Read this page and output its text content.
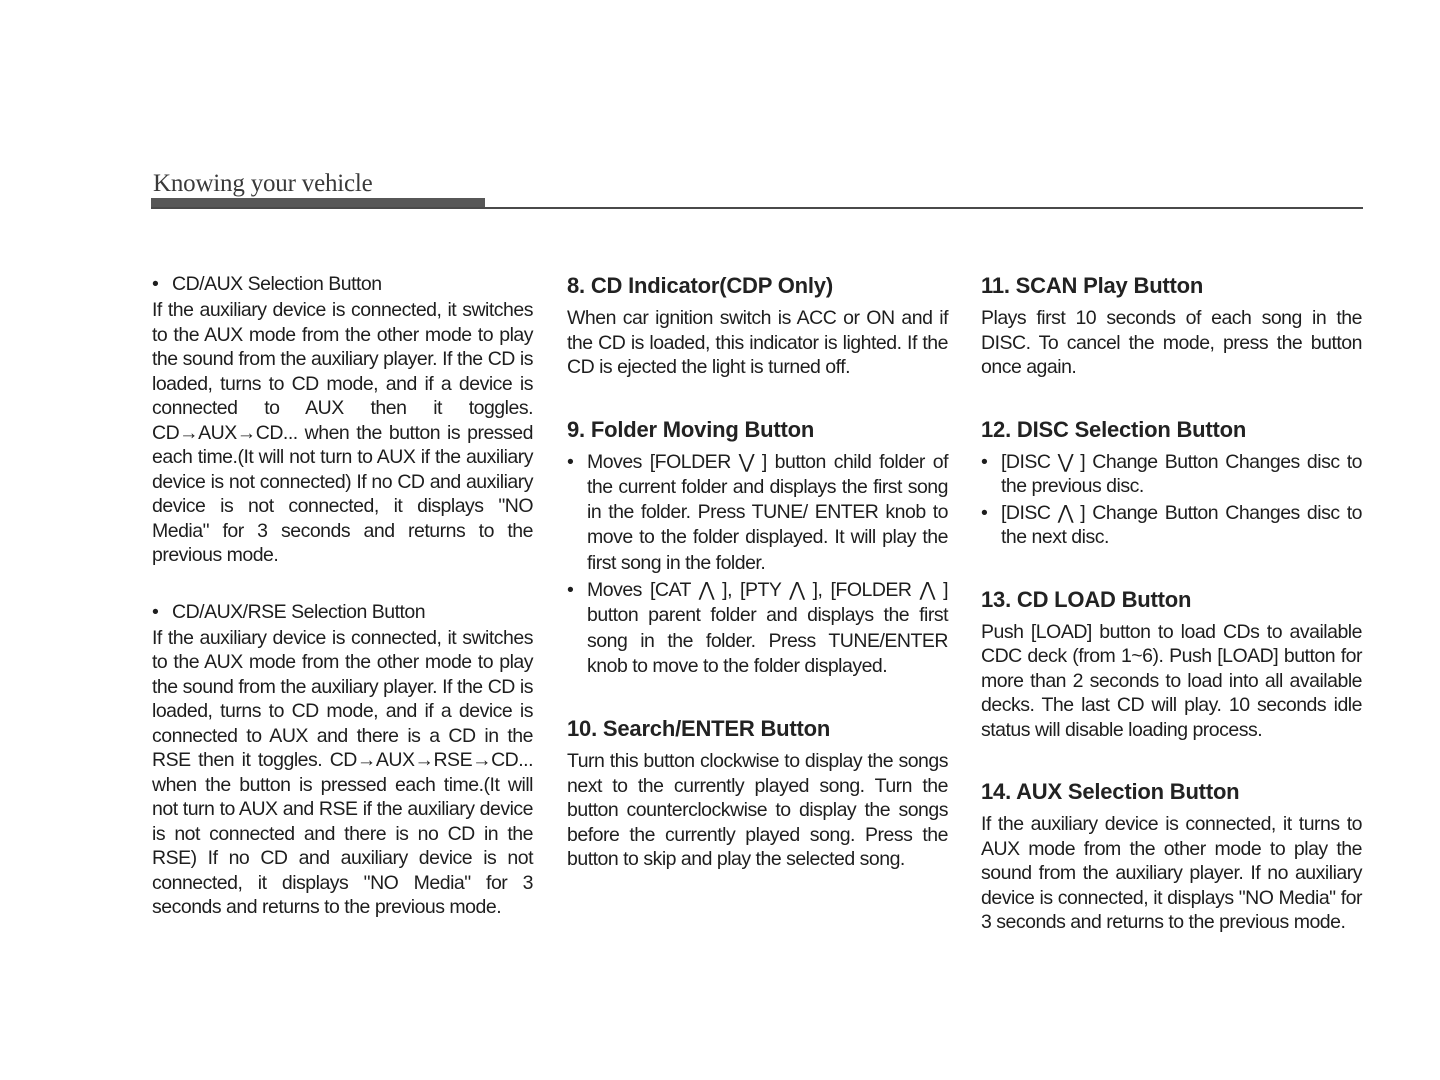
Knowing your vehicle

• CD/AUX Selection Button

If the auxiliary device is connected, it switches to the AUX mode from the other mode to play the sound from the auxiliary player. If the CD is loaded, turns to CD mode, and if a device is connected to AUX then it toggles. CD→AUX→CD... when the button is pressed each time.(It will not turn to AUX if the auxiliary device is not connected) If no CD and auxiliary device is not connected, it displays "NO Media" for 3 seconds and returns to the previous mode.

• CD/AUX/RSE Selection Button

If the auxiliary device is connected, it switches to the AUX mode from the other mode to play the sound from the auxiliary player. If the CD is loaded, turns to CD mode, and if a device is connected to AUX and there is a CD in the RSE then it toggles. CD→AUX→RSE→CD... when the button is pressed each time.(It will not turn to AUX and RSE if the auxiliary device is not connected and there is no CD in the RSE) If no CD and auxiliary device is not connected, it displays "NO Media" for 3 seconds and returns to the previous mode.

8. CD Indicator(CDP Only)

When car ignition switch is ACC or ON and if the CD is loaded, this indicator is lighted. If the CD is ejected the light is turned off.

9. Folder Moving Button
• Moves [FOLDER ⋁ ] button child folder of the current folder and displays the first song in the folder. Press TUNE/ ENTER knob to move to the folder displayed. It will play the first song in the folder.
• Moves [CAT ⋀ ], [PTY ⋀ ], [FOLDER ⋀ ] button parent folder and displays the first song in the folder. Press TUNE/ENTER knob to move to the folder displayed.
10. Search/ENTER Button

Turn this button clockwise to display the songs next to the currently played song. Turn the button counterclockwise to display the songs before the currently played song. Press the button to skip and play the selected song.

11. SCAN Play Button

Plays first 10 seconds of each song in the DISC. To cancel the mode, press the button once again.

12. DISC Selection Button
• [DISC ⋁ ] Change Button Changes disc to the previous disc.
• [DISC ⋀ ] Change Button Changes disc to the next disc.
13. CD LOAD Button

Push [LOAD] button to load CDs to available CDC deck (from 1~6). Push [LOAD] button for more than 2 seconds to load into all available decks. The last CD will play. 10 seconds idle status will disable loading process.

14. AUX Selection Button

If the auxiliary device is connected, it turns to AUX mode from the other mode to play the sound from the auxiliary player. If no auxiliary device is connected, it displays "NO Media" for 3 seconds and returns to the previous mode.
